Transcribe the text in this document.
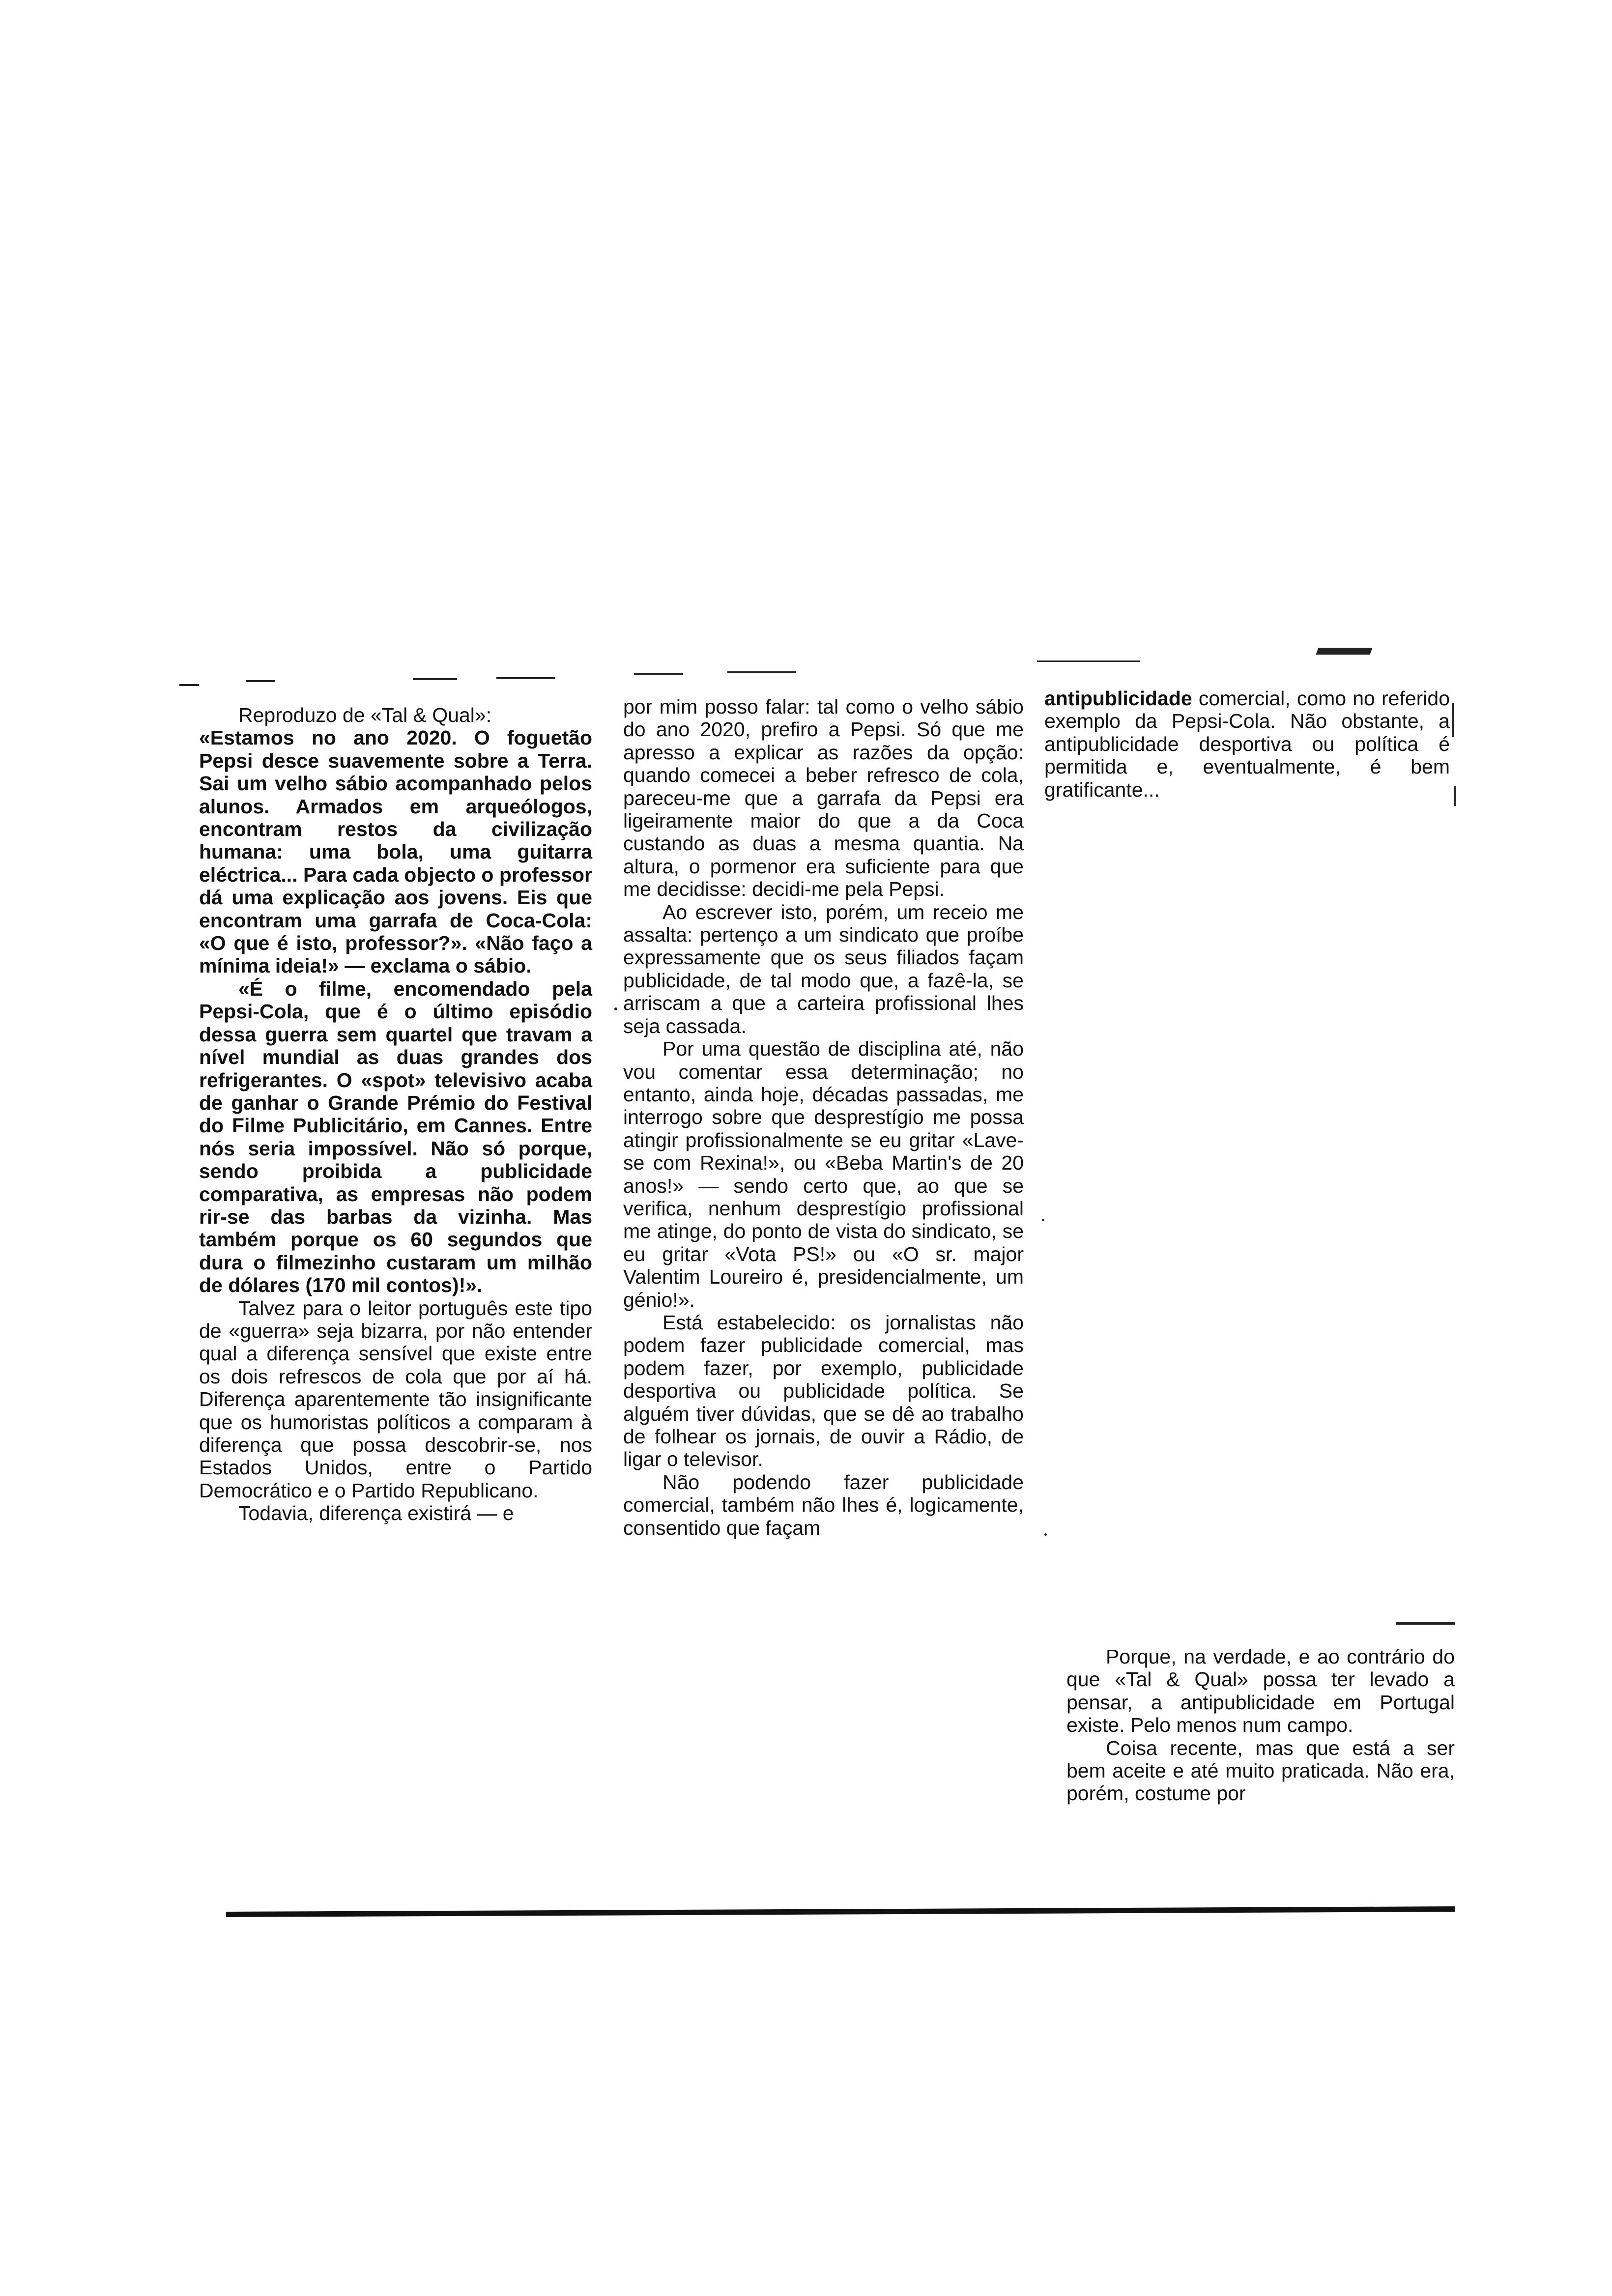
Reproduzo de «Tal & Qual»:
«Estamos no ano 2020. O foguetão Pepsi desce suavemente sobre a Terra. Sai um velho sábio acompanhado pelos alunos. Armados em arqueólogos, encontram restos da civilização humana: uma bola, uma guitarra eléctrica... Para cada objecto o professor dá uma explicação aos jovens. Eis que encontram uma garrafa de Coca-Cola: «O que é isto, professor?». «Não faço a mínima ideia!» — exclama o sábio.

«É o filme, encomendado pela Pepsi-Cola, que é o último episódio dessa guerra sem quartel que travam a nível mundial as duas grandes dos refrigerantes. O «spot» televisivo acaba de ganhar o Grande Prémio do Festival do Filme Publicitário, em Cannes. Entre nós seria impossível. Não só porque, sendo proibida a publicidade comparativa, as empresas não podem rir-se das barbas da vizinha. Mas também porque os 60 segundos que dura o filmezinho custaram um milhão de dólares (170 mil contos)!».

Talvez para o leitor português este tipo de «guerra» seja bizarra, por não entender qual a diferença sensível que existe entre os dois refrescos de cola que por aí há. Diferença aparentemente tão insignificante que os humoristas políticos a comparam à diferença que possa descobrir-se, nos Estados Unidos, entre o Partido Democrático e o Partido Republicano.

Todavia, diferença existirá — e

por mim posso falar: tal como o velho sábio do ano 2020, prefiro a Pepsi. Só que me apresso a explicar as razões da opção: quando comecei a beber refresco de cola, pareceu-me que a garrafa da Pepsi era ligeiramente maior do que a da Coca custando as duas a mesma quantia. Na altura, o pormenor era suficiente para que me decidisse: decidi-me pela Pepsi.

Ao escrever isto, porém, um receio me assalta: pertenço a um sindicato que proíbe expressamente que os seus filiados façam publicidade, de tal modo que, a fazê-la, se arriscam a que a carteira profissional lhes seja cassada.

Por uma questão de disciplina até, não vou comentar essa determinação; no entanto, ainda hoje, décadas passadas, me interrogo sobre que desprestígio me possa atingir profissionalmente se eu gritar «Lave-se com Rexina!», ou «Beba Martin's de 20 anos!» — sendo certo que, ao que se verifica, nenhum desprestígio profissional me atinge, do ponto de vista do sindicato, se eu gritar «Vota PS!» ou «O sr. major Valentim Loureiro é, presidencialmente, um génio!».

Está estabelecido: os jornalistas não podem fazer publicidade comercial, mas podem fazer, por exemplo, publicidade desportiva ou publicidade política. Se alguém tiver dúvidas, que se dê ao trabalho de folhear os jornais, de ouvir a Rádio, de ligar o televisor.

Não podendo fazer publicidade comercial, também não lhes é, logicamente, consentido que façam

antipublicidade comercial, como no referido exemplo da Pepsi-Cola. Não obstante, a antipublicidade desportiva ou política é permitida e, eventualmente, é bem gratificante...

Porque, na verdade, e ao contrário do que «Tal & Qual» possa ter levado a pensar, a antipublicidade em Portugal existe. Pelo menos num campo.

Coisa recente, mas que está a ser bem aceite e até muito praticada. Não era, porém, costume por
